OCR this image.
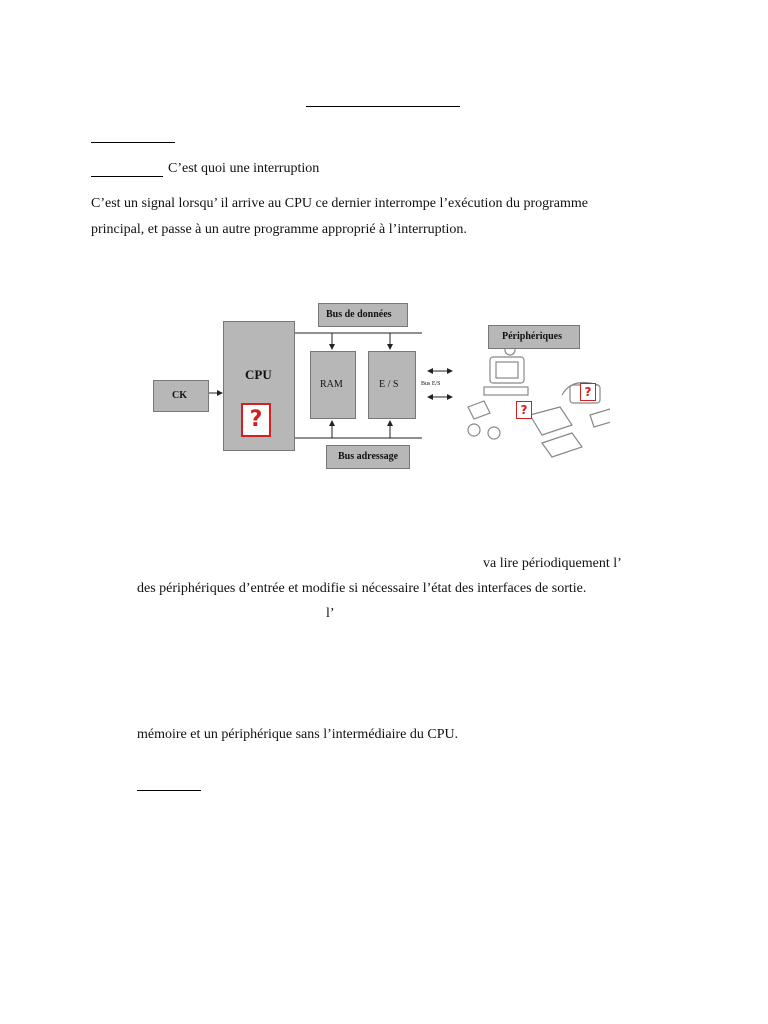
C’est quoi une interruption
C’est un signal lorsqu’ il arrive au CPU ce dernier interrompe l’exécution du programme
principal, et passe à un autre programme approprié à l’interruption.
Bus de données
CPU
?
RAM	E / S	Bus E/S
CK
Périphériques
?
?
Bus adressage
va lire périodiquement l’
des périphériques d’entrée et modifie si nécessaire l’état des interfaces de sortie.
l’
mémoire et un périphérique sans l’intermédiaire du CPU.
